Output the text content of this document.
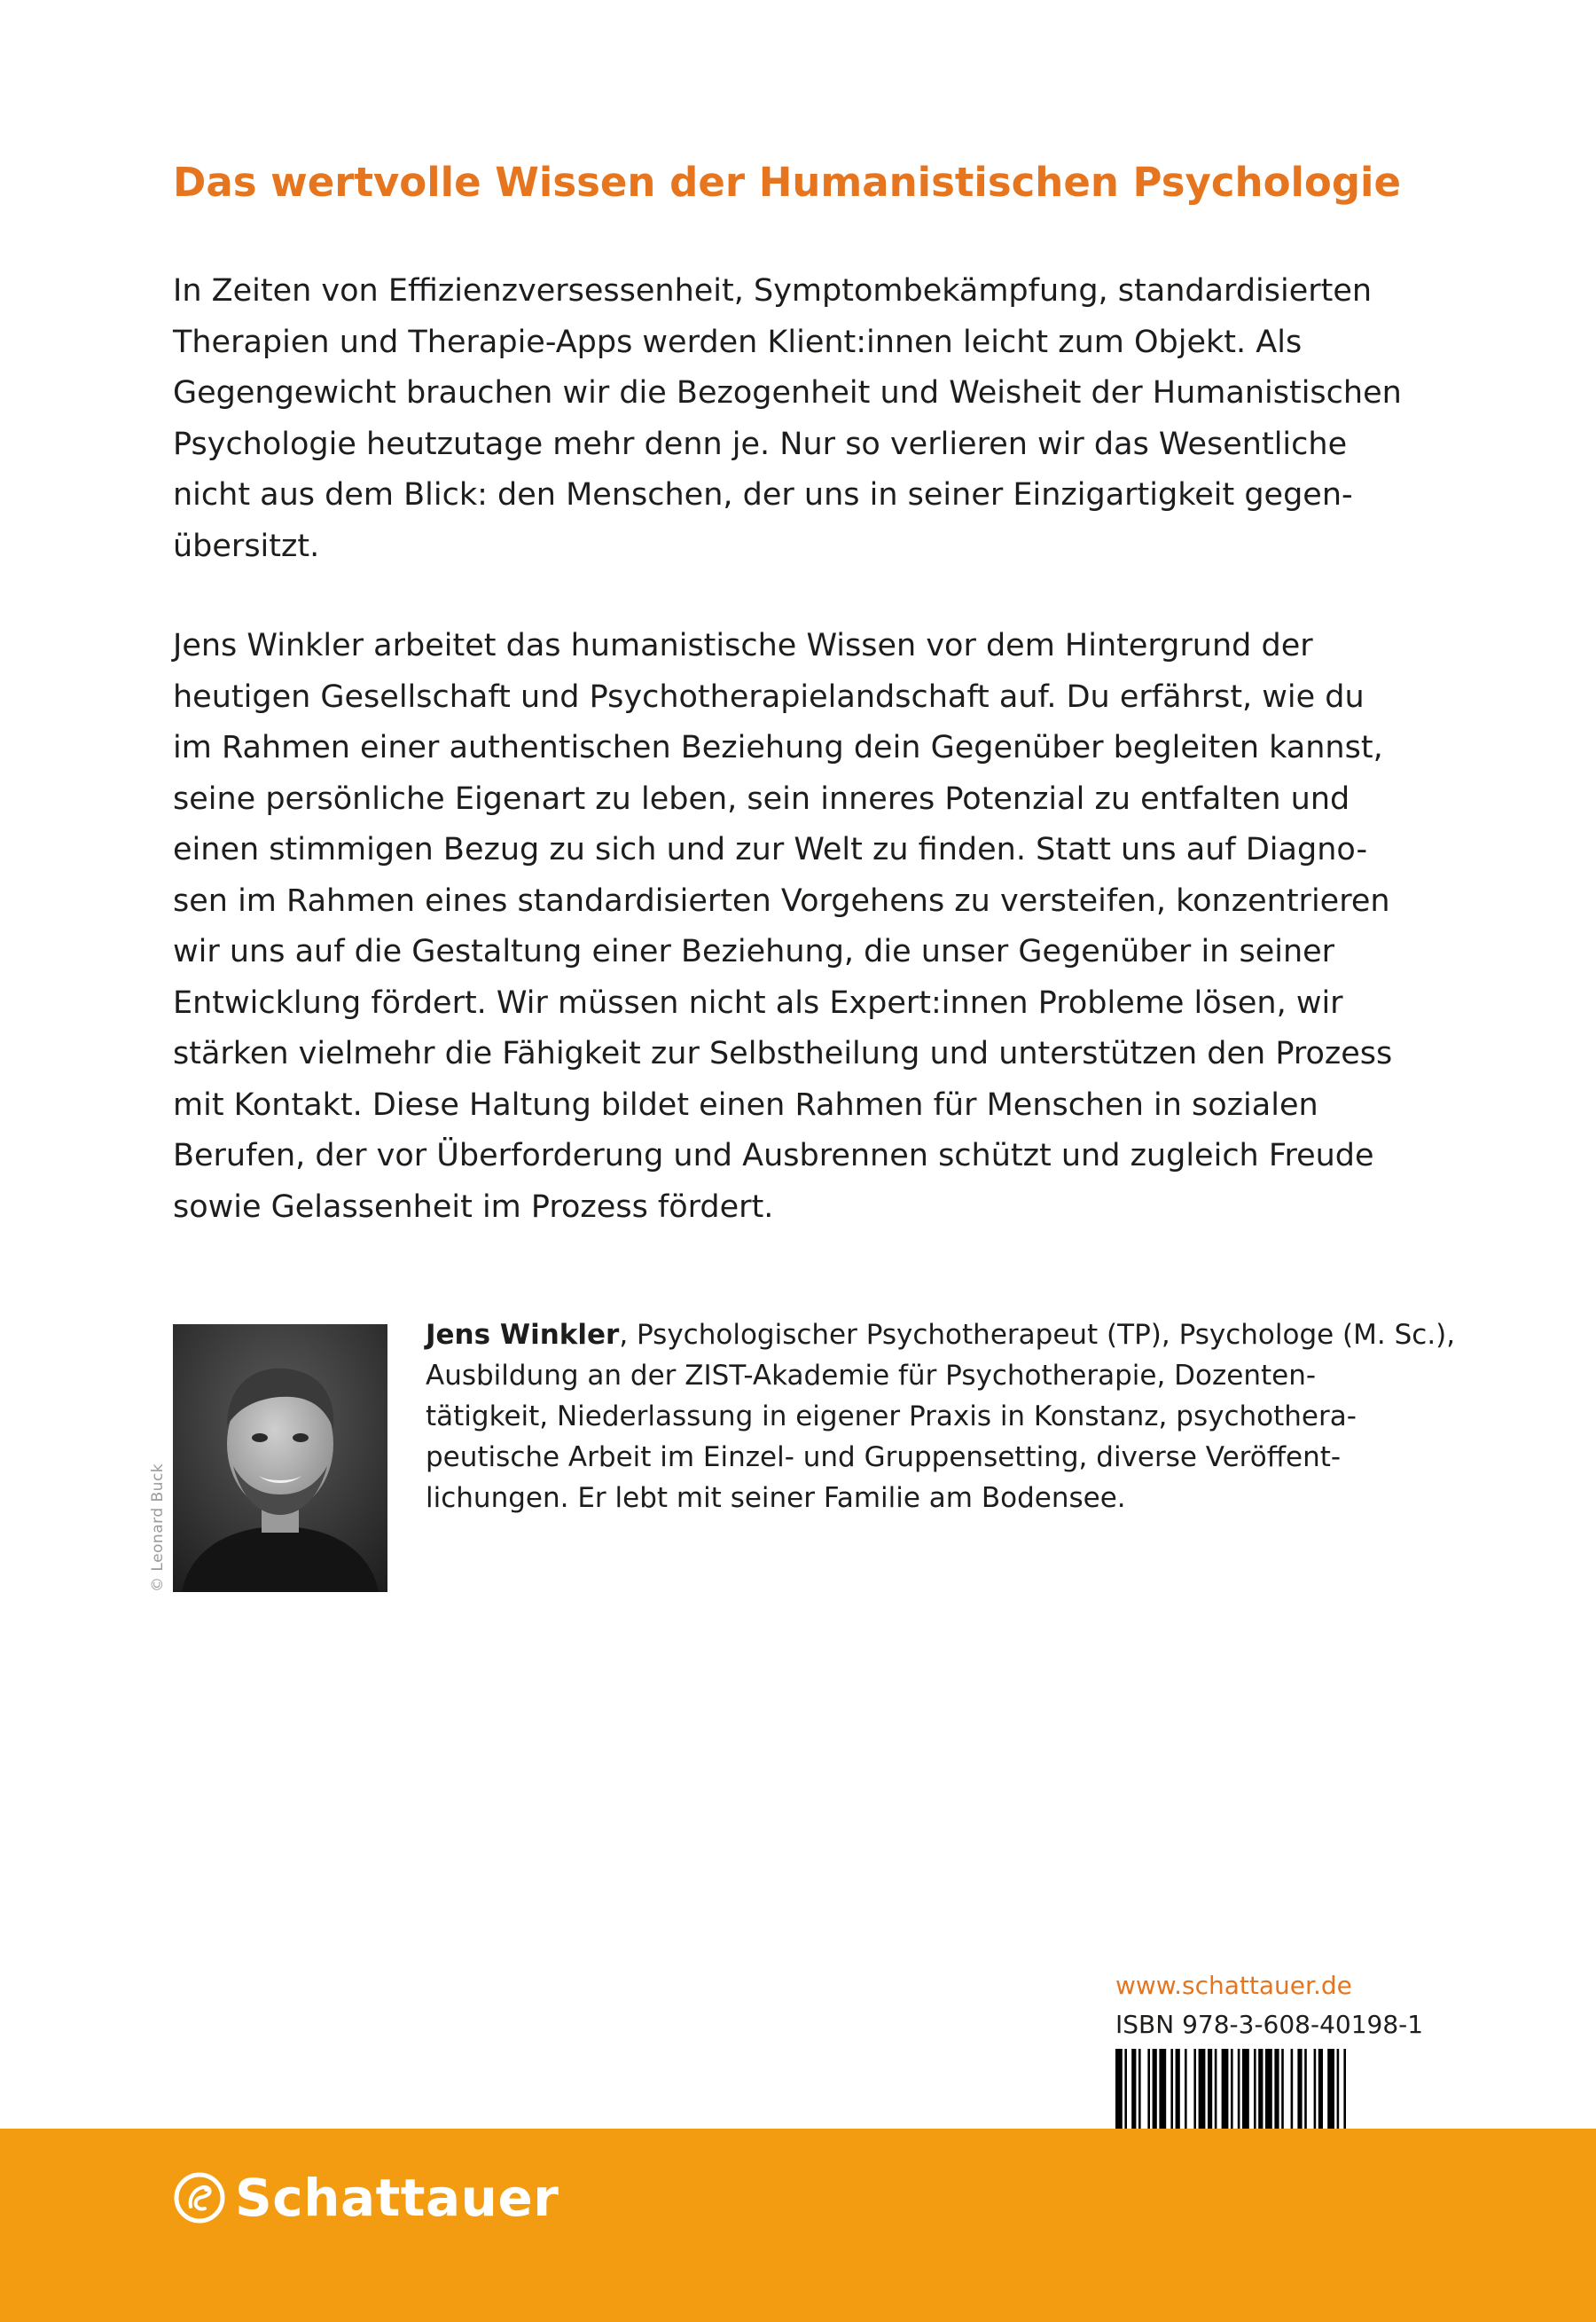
Das wertvolle Wissen der Humanistischen Psychologie
In Zeiten von Effizienzversessenheit, Symptombekämpfung, standardisierten
Therapien und Therapie-Apps werden Klient:innen leicht zum Objekt. Als
Gegengewicht brauchen wir die Bezogenheit und Weisheit der Humanistischen
Psychologie heutzutage mehr denn je. Nur so verlieren wir das Wesentliche
nicht aus dem Blick: den Menschen, der uns in seiner Einzigartigkeit gegen-
übersitzt.
Jens Winkler arbeitet das humanistische Wissen vor dem Hintergrund der
heutigen Gesellschaft und Psychotherapielandschaft auf. Du erfährst, wie du
im Rahmen einer authentischen Beziehung dein Gegenüber begleiten kannst,
seine persönliche Eigenart zu leben, sein inneres Potenzial zu entfalten und
einen stimmigen Bezug zu sich und zur Welt zu finden. Statt uns auf Diagno-
sen im Rahmen eines standardisierten Vorgehens zu versteifen, konzentrieren
wir uns auf die Gestaltung einer Beziehung, die unser Gegenüber in seiner
Entwicklung fördert. Wir müssen nicht als Expert:innen Probleme lösen, wir
stärken vielmehr die Fähigkeit zur Selbstheilung und unterstützen den Prozess
mit Kontakt. Diese Haltung bildet einen Rahmen für Menschen in sozialen
Berufen, der vor Überforderung und Ausbrennen schützt und zugleich Freude
sowie Gelassenheit im Prozess fördert.
© Leonard Buck
Jens Winkler, Psychologischer Psychotherapeut (TP), Psychologe (M. Sc.),
Ausbildung an der ZIST-Akademie für Psychotherapie, Dozenten-
tätigkeit, Niederlassung in eigener Praxis in Konstanz, psychothera-
peutische Arbeit im Einzel- und Gruppensetting, diverse Veröffent-
lichungen. Er lebt mit seiner Familie am Bodensee.
www.schattauer.de
ISBN 978-3-608-40198-1
Schattauer
